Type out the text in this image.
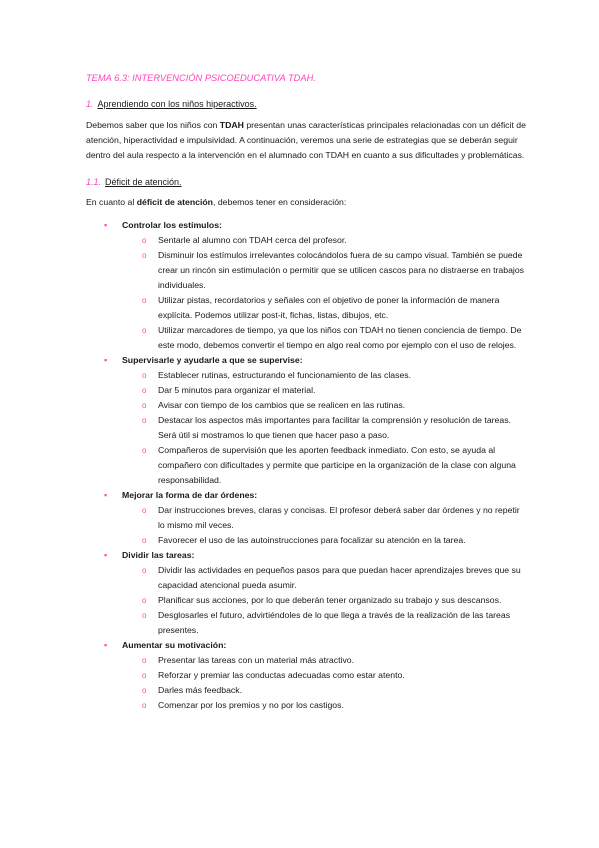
TEMA 6.3: INTERVENCIÓN PSICOEDUCATIVA TDAH.

1. Aprendiendo con los niños hiperactivos.

Debemos saber que los niños con TDAH presentan unas características principales relacionadas con un déficit de atención, hiperactividad e impulsividad. A continuación, veremos una serie de estrategias que se deberán seguir dentro del aula respecto a la intervención en el alumnado con TDAH en cuanto a sus dificultades y problemáticas.

1.1. Déficit de atención.

En cuanto al déficit de atención, debemos tener en consideración:

▪ Controlar los estímulos:
o Sentarle al alumno con TDAH cerca del profesor.
o Disminuir los estímulos irrelevantes colocándolos fuera de su campo visual. También se puede crear un rincón sin estimulación o permitir que se utilicen cascos para no distraerse en trabajos individuales.
o Utilizar pistas, recordatorios y señales con el objetivo de poner la información de manera explícita. Podemos utilizar post-it, fichas, listas, dibujos, etc.
o Utilizar marcadores de tiempo, ya que los niños con TDAH no tienen conciencia de tiempo. De este modo, debemos convertir el tiempo en algo real como por ejemplo con el uso de relojes.
▪ Supervisarle y ayudarle a que se supervise:
o Establecer rutinas, estructurando el funcionamiento de las clases.
o Dar 5 minutos para organizar el material.
o Avisar con tiempo de los cambios que se realicen en las rutinas.
o Destacar los aspectos más importantes para facilitar la comprensión y resolución de tareas. Será útil si mostramos lo que tienen que hacer paso a paso.
o Compañeros de supervisión que les aporten feedback inmediato. Con esto, se ayuda al compañero con dificultades y permite que participe en la organización de la clase con alguna responsabilidad.
▪ Mejorar la forma de dar órdenes:
o Dar instrucciones breves, claras y concisas. El profesor deberá saber dar órdenes y no repetir lo mismo mil veces.
o Favorecer el uso de las autoinstrucciones para focalizar su atención en la tarea.
▪ Dividir las tareas:
o Dividir las actividades en pequeños pasos para que puedan hacer aprendizajes breves que su capacidad atencional pueda asumir.
o Planificar sus acciones, por lo que deberán tener organizado su trabajo y sus descansos.
o Desglosarles el futuro, advirtiéndoles de lo que llega a través de la realización de las tareas presentes.
▪ Aumentar su motivación:
o Presentar las tareas con un material más atractivo.
o Reforzar y premiar las conductas adecuadas como estar atento.
o Darles más feedback.
o Comenzar por los premios y no por los castigos.
